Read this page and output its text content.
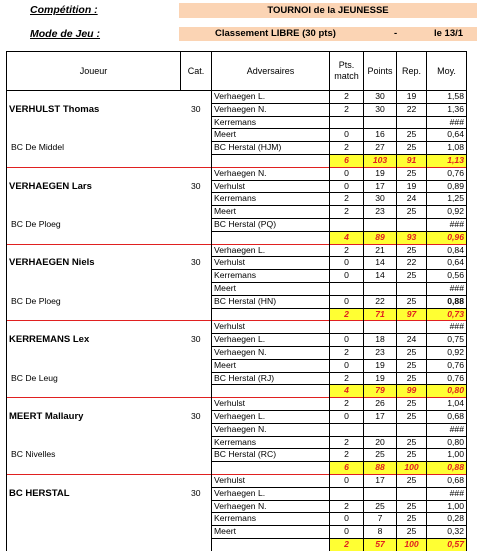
Compétition :	TOURNOI de la JEUNESSE
Mode de Jeu :	Classement LIBRE (30 pts)	-	le 13/1
Joueur	Cat.	Adversaires	Pts. match	Points	Rep.	Moy.
		Verhaegen L.	2	30	19	1,58
VERHULST Thomas	30	Verhaegen N.	2	30	22	1,36
		Kerremans				###
		Meert	0	16	25	0,64
BC De Middel		BC Herstal (HJM)	2	27	25	1,08
			6	103	91	1,13
		Verhaegen N.	0	19	25	0,76
VERHAEGEN Lars	30	Verhulst	0	17	19	0,89
		Kerremans	2	30	24	1,25
		Meert	2	23	25	0,92
BC De Ploeg		BC Herstal (PQ)				###
			4	89	93	0,96
		Verhaegen L.	2	21	25	0,84
VERHAEGEN Niels	30	Verhulst	0	14	22	0,64
		Kerremans	0	14	25	0,56
		Meert				###
BC De Ploeg		BC Herstal (HN)	0	22	25	0,88
			2	71	97	0,73
		Verhulst				###
KERREMANS Lex	30	Verhaegen L.	0	18	24	0,75
		Verhaegen N.	2	23	25	0,92
		Meert	0	19	25	0,76
BC De Leug		BC Herstal (RJ)	2	19	25	0,76
			4	79	99	0,80
		Verhulst	2	26	25	1,04
MEERT Mallaury	30	Verhaegen L.	0	17	25	0,68
		Verhaegen N.				###
		Kerremans	2	20	25	0,80
BC Nivelles		BC Herstal (RC)	2	25	25	1,00
			6	88	100	0,88
		Verhulst	0	17	25	0,68
BC HERSTAL	30	Verhaegen L.				###
		Verhaegen N.	2	25	25	1,00
		Kerremans	0	7	25	0,28
		Meert	0	8	25	0,32
			2	57	100	0,57
